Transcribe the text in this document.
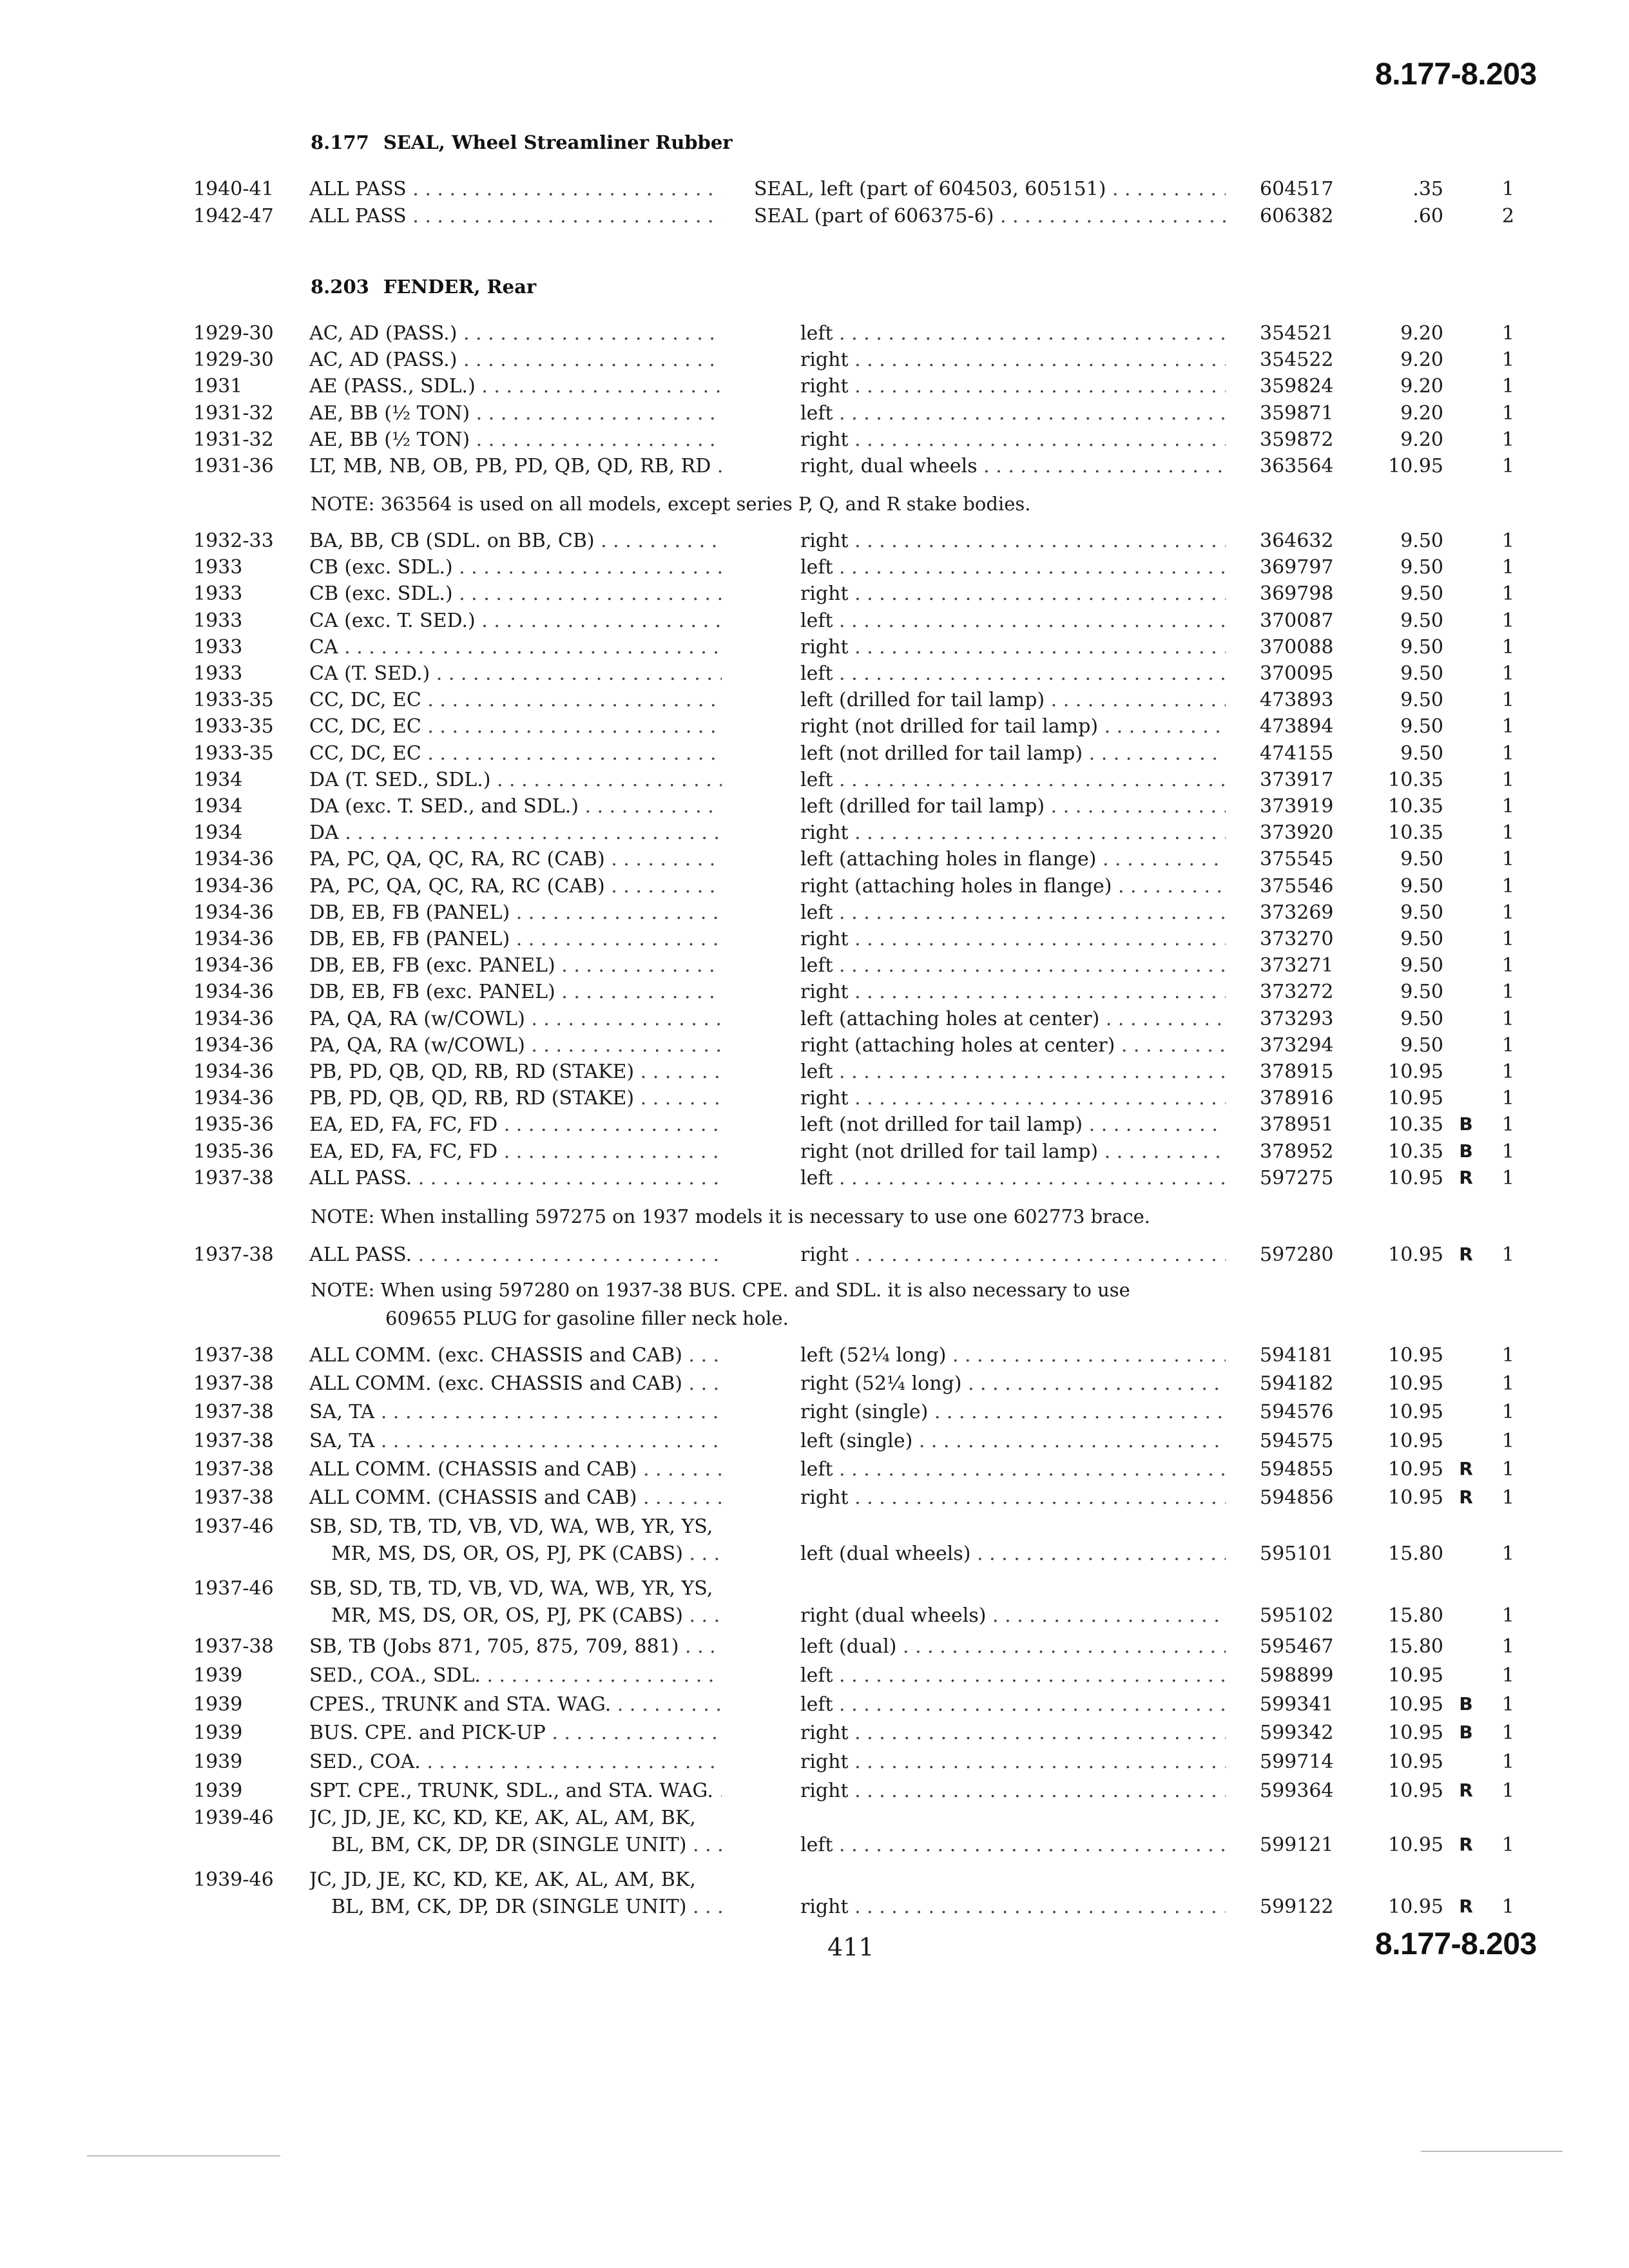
8.177-8.203
8.177 SEAL, Wheel Streamliner Rubber
1940-41	ALL PASS . . .	SEAL, left (part of 604503, 605151) . . .	604517	.35	1
1942-47	ALL PASS . . .	SEAL (part of 606375-6) . . .	606382	.60	2
8.203 FENDER, Rear
1929-30	AC, AD (PASS.) . . .	left . . .	354521	9.20	1
1929-30	AC, AD (PASS.) . . .	right . . .	354522	9.20	1
1931	AE (PASS., SDL.) . . .	right . . .	359824	9.20	1
1931-32	AE, BB (½ TON) . . .	left . . .	359871	9.20	1
1931-32	AE, BB (½ TON) . . .	right . . .	359872	9.20	1
1931-36	LT, MB, NB, OB, PB, PD, QB, QD, RB, RD . . .	right, dual wheels . . .	363564	10.95	1
NOTE: 363564 is used on all models, except series P, Q, and R stake bodies.
1932-33	BA, BB, CB (SDL. on BB, CB) . . .	right . . .	364632	9.50	1
1933	CB (exc. SDL.) . . .	left . . .	369797	9.50	1
1933	CB (exc. SDL.) . . .	right . . .	369798	9.50	1
1933	CA (exc. T. SED.) . . .	left . . .	370087	9.50	1
1933	CA . . .	right . . .	370088	9.50	1
1933	CA (T. SED.) . . .	left . . .	370095	9.50	1
1933-35	CC, DC, EC . . .	left (drilled for tail lamp) . . .	473893	9.50	1
1933-35	CC, DC, EC . . .	right (not drilled for tail lamp) . . .	473894	9.50	1
1933-35	CC, DC, EC . . .	left (not drilled for tail lamp) . . .	474155	9.50	1
1934	DA (T. SED., SDL.) . . .	left . . .	373917	10.35	1
1934	DA (exc. T. SED., and SDL.) . . .	left (drilled for tail lamp) . . .	373919	10.35	1
1934	DA . . .	right . . .	373920	10.35	1
1934-36	PA, PC, QA, QC, RA, RC (CAB) . . .	left (attaching holes in flange) . . .	375545	9.50	1
1934-36	PA, PC, QA, QC, RA, RC (CAB) . . .	right (attaching holes in flange) . . .	375546	9.50	1
1934-36	DB, EB, FB (PANEL) . . .	left . . .	373269	9.50	1
1934-36	DB, EB, FB (PANEL) . . .	right . . .	373270	9.50	1
1934-36	DB, EB, FB (exc. PANEL) . . .	left . . .	373271	9.50	1
1934-36	DB, EB, FB (exc. PANEL) . . .	right . . .	373272	9.50	1
1934-36	PA, QA, RA (w/COWL) . . .	left (attaching holes at center) . . .	373293	9.50	1
1934-36	PA, QA, RA (w/COWL) . . .	right (attaching holes at center) . . .	373294	9.50	1
1934-36	PB, PD, QB, QD, RB, RD (STAKE) . . .	left . . .	378915	10.95	1
1934-36	PB, PD, QB, QD, RB, RD (STAKE) . . .	right . . .	378916	10.95	1
1935-36	EA, ED, FA, FC, FD . . .	left (not drilled for tail lamp) . . .	378951	10.35 B	1
1935-36	EA, ED, FA, FC, FD . . .	right (not drilled for tail lamp) . . .	378952	10.35 B	1
1937-38	ALL PASS. . . .	left . . .	597275	10.95 R	1
NOTE: When installing 597275 on 1937 models it is necessary to use one 602773 brace.
1937-38	ALL PASS. . . .	right . . .	597280	10.95 R	1
NOTE: When using 597280 on 1937-38 BUS. CPE. and SDL. it is also necessary to use
609655 PLUG for gasoline filler neck hole.
1937-38	ALL COMM. (exc. CHASSIS and CAB) . . .	left (52¼ long) . . .	594181	10.95	1
1937-38	ALL COMM. (exc. CHASSIS and CAB) . . .	right (52¼ long) . . .	594182	10.95	1
1937-38	SA, TA . . .	right (single) . . .	594576	10.95	1
1937-38	SA, TA . . .	left (single) . . .	594575	10.95	1
1937-38	ALL COMM. (CHASSIS and CAB) . . .	left . . .	594855	10.95 R	1
1937-38	ALL COMM. (CHASSIS and CAB) . . .	right . . .	594856	10.95 R	1
1937-46	SB, SD, TB, TD, VB, VD, WA, WB, YR, YS,
MR, MS, DS, OR, OS, PJ, PK (CABS) . . .	left (dual wheels) . . .	595101	15.80	1
1937-46	SB, SD, TB, TD, VB, VD, WA, WB, YR, YS,
MR, MS, DS, OR, OS, PJ, PK (CABS) . . .	right (dual wheels) . . .	595102	15.80	1
1937-38	SB, TB (Jobs 871, 705, 875, 709, 881) . . .	left (dual) . . .	595467	15.80	1
1939	SED., COA., SDL. . . .	left . . .	598899	10.95	1
1939	CPES., TRUNK and STA. WAG. . . .	left . . .	599341	10.95 B	1
1939	BUS. CPE. and PICK-UP . . .	right . . .	599342	10.95 B	1
1939	SED., COA. . . .	right . . .	599714	10.95	1
1939	SPT. CPE., TRUNK, SDL., and STA. WAG. . . .	right . . .	599364	10.95 R	1
1939-46	JC, JD, JE, KC, KD, KE, AK, AL, AM, BK,
BL, BM, CK, DP, DR (SINGLE UNIT) . . .	left . . .	599121	10.95 R	1
1939-46	JC, JD, JE, KC, KD, KE, AK, AL, AM, BK,
BL, BM, CK, DP, DR (SINGLE UNIT) . . .	right . . .	599122	10.95 R	1
411	8.177-8.203
